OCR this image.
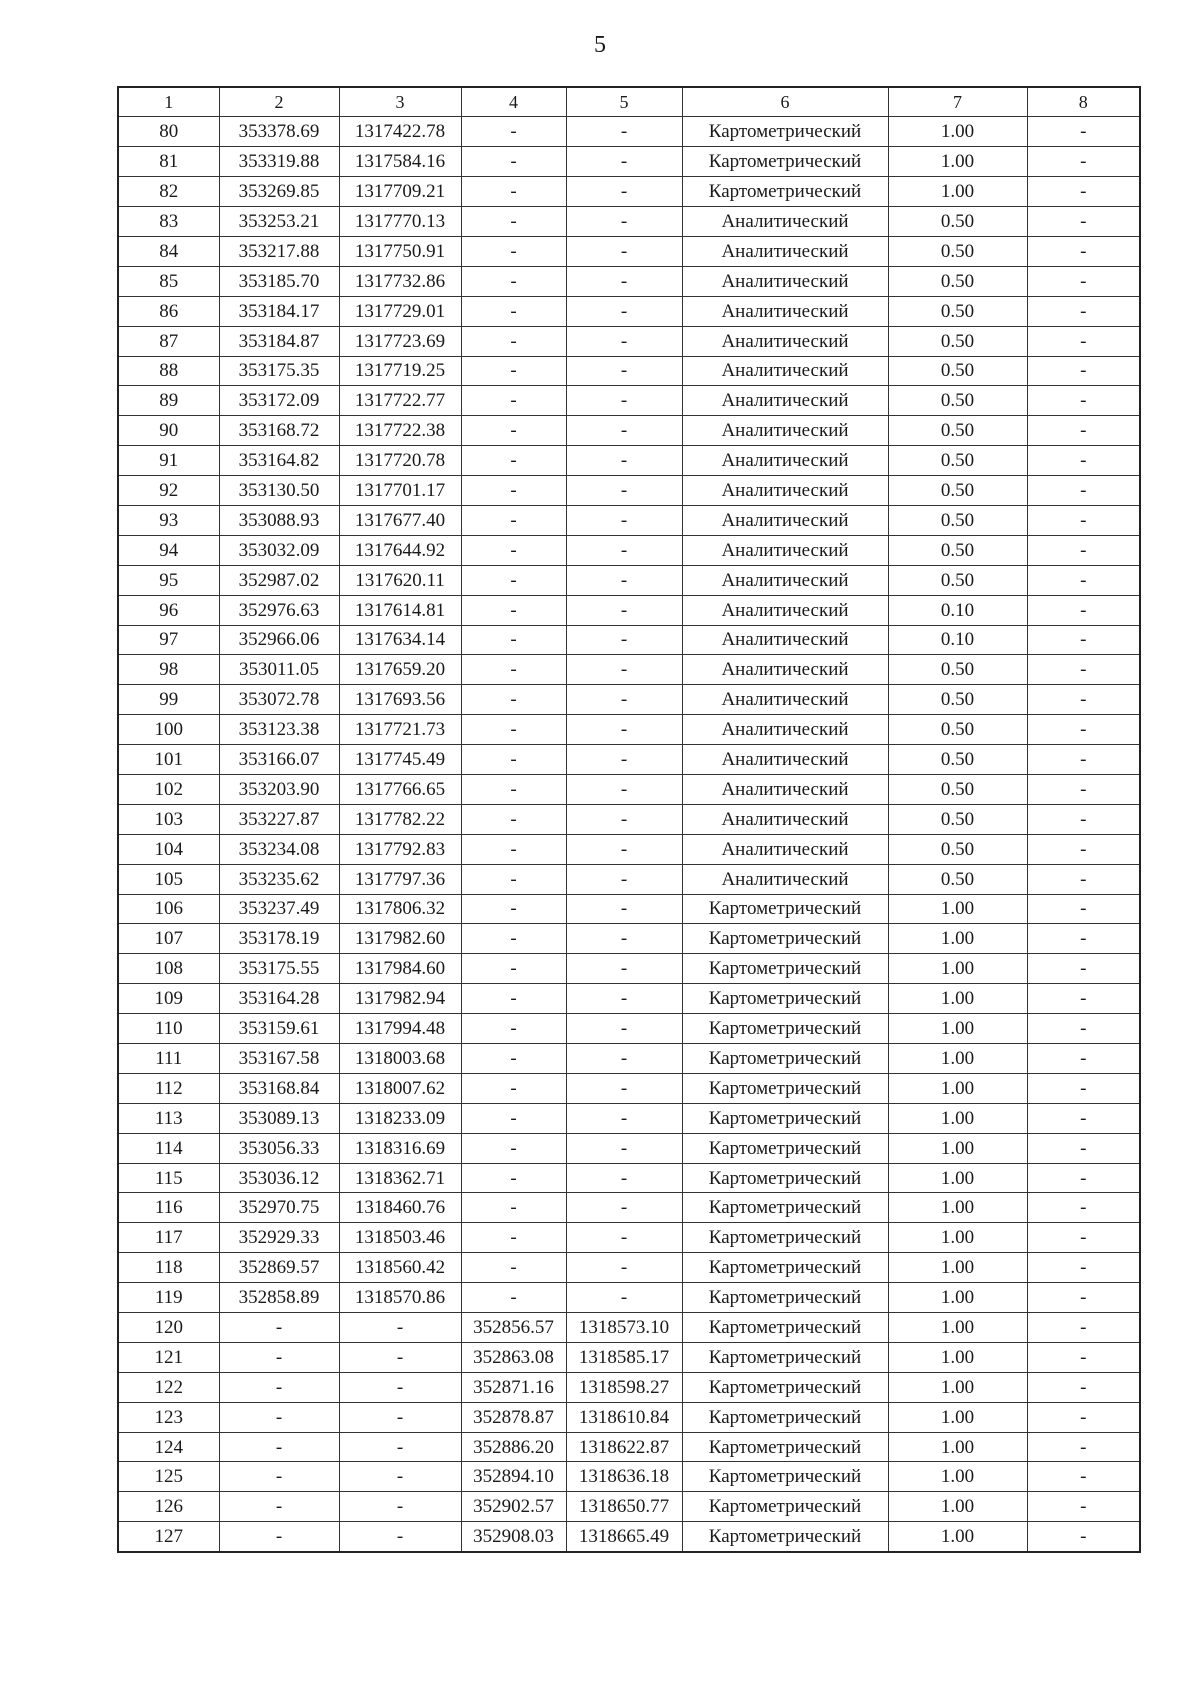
5
1	2	3	4	5	6	7	8
80	353378.69	1317422.78	-	-	Картометрический	1.00	-
81	353319.88	1317584.16	-	-	Картометрический	1.00	-
82	353269.85	1317709.21	-	-	Картометрический	1.00	-
83	353253.21	1317770.13	-	-	Аналитический	0.50	-
84	353217.88	1317750.91	-	-	Аналитический	0.50	-
85	353185.70	1317732.86	-	-	Аналитический	0.50	-
86	353184.17	1317729.01	-	-	Аналитический	0.50	-
87	353184.87	1317723.69	-	-	Аналитический	0.50	-
88	353175.35	1317719.25	-	-	Аналитический	0.50	-
89	353172.09	1317722.77	-	-	Аналитический	0.50	-
90	353168.72	1317722.38	-	-	Аналитический	0.50	-
91	353164.82	1317720.78	-	-	Аналитический	0.50	-
92	353130.50	1317701.17	-	-	Аналитический	0.50	-
93	353088.93	1317677.40	-	-	Аналитический	0.50	-
94	353032.09	1317644.92	-	-	Аналитический	0.50	-
95	352987.02	1317620.11	-	-	Аналитический	0.50	-
96	352976.63	1317614.81	-	-	Аналитический	0.10	-
97	352966.06	1317634.14	-	-	Аналитический	0.10	-
98	353011.05	1317659.20	-	-	Аналитический	0.50	-
99	353072.78	1317693.56	-	-	Аналитический	0.50	-
100	353123.38	1317721.73	-	-	Аналитический	0.50	-
101	353166.07	1317745.49	-	-	Аналитический	0.50	-
102	353203.90	1317766.65	-	-	Аналитический	0.50	-
103	353227.87	1317782.22	-	-	Аналитический	0.50	-
104	353234.08	1317792.83	-	-	Аналитический	0.50	-
105	353235.62	1317797.36	-	-	Аналитический	0.50	-
106	353237.49	1317806.32	-	-	Картометрический	1.00	-
107	353178.19	1317982.60	-	-	Картометрический	1.00	-
108	353175.55	1317984.60	-	-	Картометрический	1.00	-
109	353164.28	1317982.94	-	-	Картометрический	1.00	-
110	353159.61	1317994.48	-	-	Картометрический	1.00	-
111	353167.58	1318003.68	-	-	Картометрический	1.00	-
112	353168.84	1318007.62	-	-	Картометрический	1.00	-
113	353089.13	1318233.09	-	-	Картометрический	1.00	-
114	353056.33	1318316.69	-	-	Картометрический	1.00	-
115	353036.12	1318362.71	-	-	Картометрический	1.00	-
116	352970.75	1318460.76	-	-	Картометрический	1.00	-
117	352929.33	1318503.46	-	-	Картометрический	1.00	-
118	352869.57	1318560.42	-	-	Картометрический	1.00	-
119	352858.89	1318570.86	-	-	Картометрический	1.00	-
120	-	-	352856.57	1318573.10	Картометрический	1.00	-
121	-	-	352863.08	1318585.17	Картометрический	1.00	-
122	-	-	352871.16	1318598.27	Картометрический	1.00	-
123	-	-	352878.87	1318610.84	Картометрический	1.00	-
124	-	-	352886.20	1318622.87	Картометрический	1.00	-
125	-	-	352894.10	1318636.18	Картометрический	1.00	-
126	-	-	352902.57	1318650.77	Картометрический	1.00	-
127	-	-	352908.03	1318665.49	Картометрический	1.00	-
